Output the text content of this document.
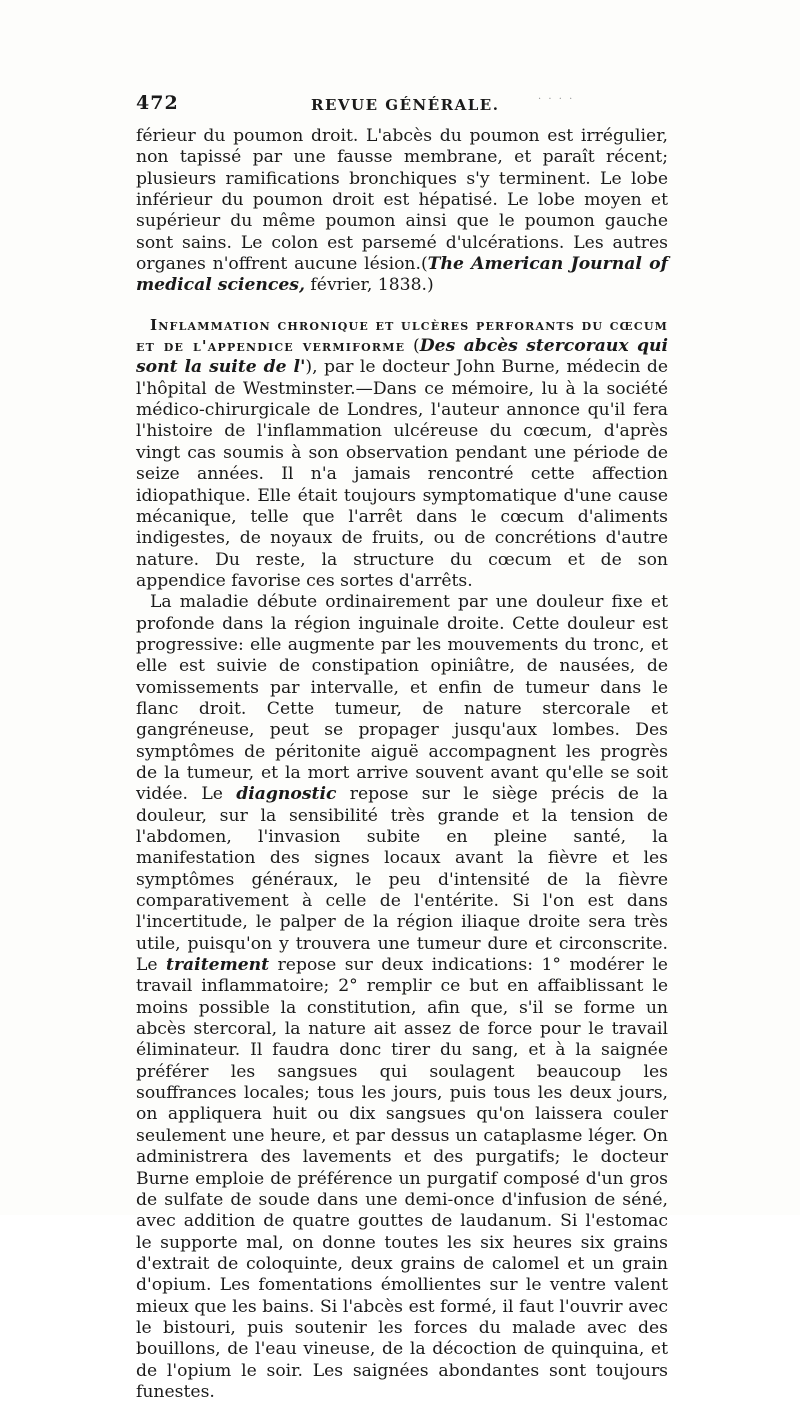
472	REVUE GÉNÉRALE.	· · · ·

férieur du poumon droit. L'abcès du poumon est irrégulier, non tapissé par une fausse membrane, et paraît récent; plusieurs ramifications bronchiques s'y terminent. Le lobe inférieur du poumon droit est hépatisé. Le lobe moyen et supérieur du même poumon ainsi que le poumon gauche sont sains. Le colon est parsemé d'ulcérations. Les autres organes n'offrent aucune lésion.(The American Journal of medical sciences, février, 1838.)

Inflammation chronique et ulcères perforants du cœcum et de l'appendice vermiforme (Des abcès stercoraux qui sont la suite de l'), par le docteur John Burne, médecin de l'hôpital de Westminster.—Dans ce mémoire, lu à la société médico-chirurgicale de Londres, l'auteur annonce qu'il fera l'histoire de l'inflammation ulcéreuse du cœcum, d'après vingt cas soumis à son observation pendant une période de seize années. Il n'a jamais rencontré cette affection idiopathique. Elle était toujours symptomatique d'une cause mécanique, telle que l'arrêt dans le cœcum d'aliments indigestes, de noyaux de fruits, ou de concrétions d'autre nature. Du reste, la structure du cœcum et de son appendice favorise ces sortes d'arrêts.

La maladie débute ordinairement par une douleur fixe et profonde dans la région inguinale droite. Cette douleur est progressive: elle augmente par les mouvements du tronc, et elle est suivie de constipation opiniâtre, de nausées, de vomissements par intervalle, et enfin de tumeur dans le flanc droit. Cette tumeur, de nature stercorale et gangréneuse, peut se propager jusqu'aux lombes. Des symptômes de péritonite aiguë accompagnent les progrès de la tumeur, et la mort arrive souvent avant qu'elle se soit vidée. Le diagnostic repose sur le siège précis de la douleur, sur la sensibilité très grande et la tension de l'abdomen, l'invasion subite en pleine santé, la manifestation des signes locaux avant la fièvre et les symptômes généraux, le peu d'intensité de la fièvre comparativement à celle de l'entérite. Si l'on est dans l'incertitude, le palper de la région iliaque droite sera très utile, puisqu'on y trouvera une tumeur dure et circonscrite. Le traitement repose sur deux indications: 1° modérer le travail inflammatoire; 2° remplir ce but en affaiblissant le moins possible la constitution, afin que, s'il se forme un abcès stercoral, la nature ait assez de force pour le travail éliminateur. Il faudra donc tirer du sang, et à la saignée préférer les sangsues qui soulagent beaucoup les souffrances locales; tous les jours, puis tous les deux jours, on appliquera huit ou dix sangsues qu'on laissera couler seulement une heure, et par dessus un cataplasme léger. On administrera des lavements et des purgatifs; le docteur Burne emploie de préférence un purgatif composé d'un gros de sulfate de soude dans une demi-once d'infusion de séné, avec addition de quatre gouttes de laudanum. Si l'estomac le supporte mal, on donne toutes les six heures six grains d'extrait de coloquinte, deux grains de calomel et un grain d'opium. Les fomentations émollientes sur le ventre valent mieux que les bains. Si l'abcès est formé, il faut l'ouvrir avec le bistouri, puis soutenir les forces du malade avec des bouillons, de l'eau vineuse, de la décoction de quinquina, et de l'opium le soir. Les saignées abondantes sont toujours funestes.
